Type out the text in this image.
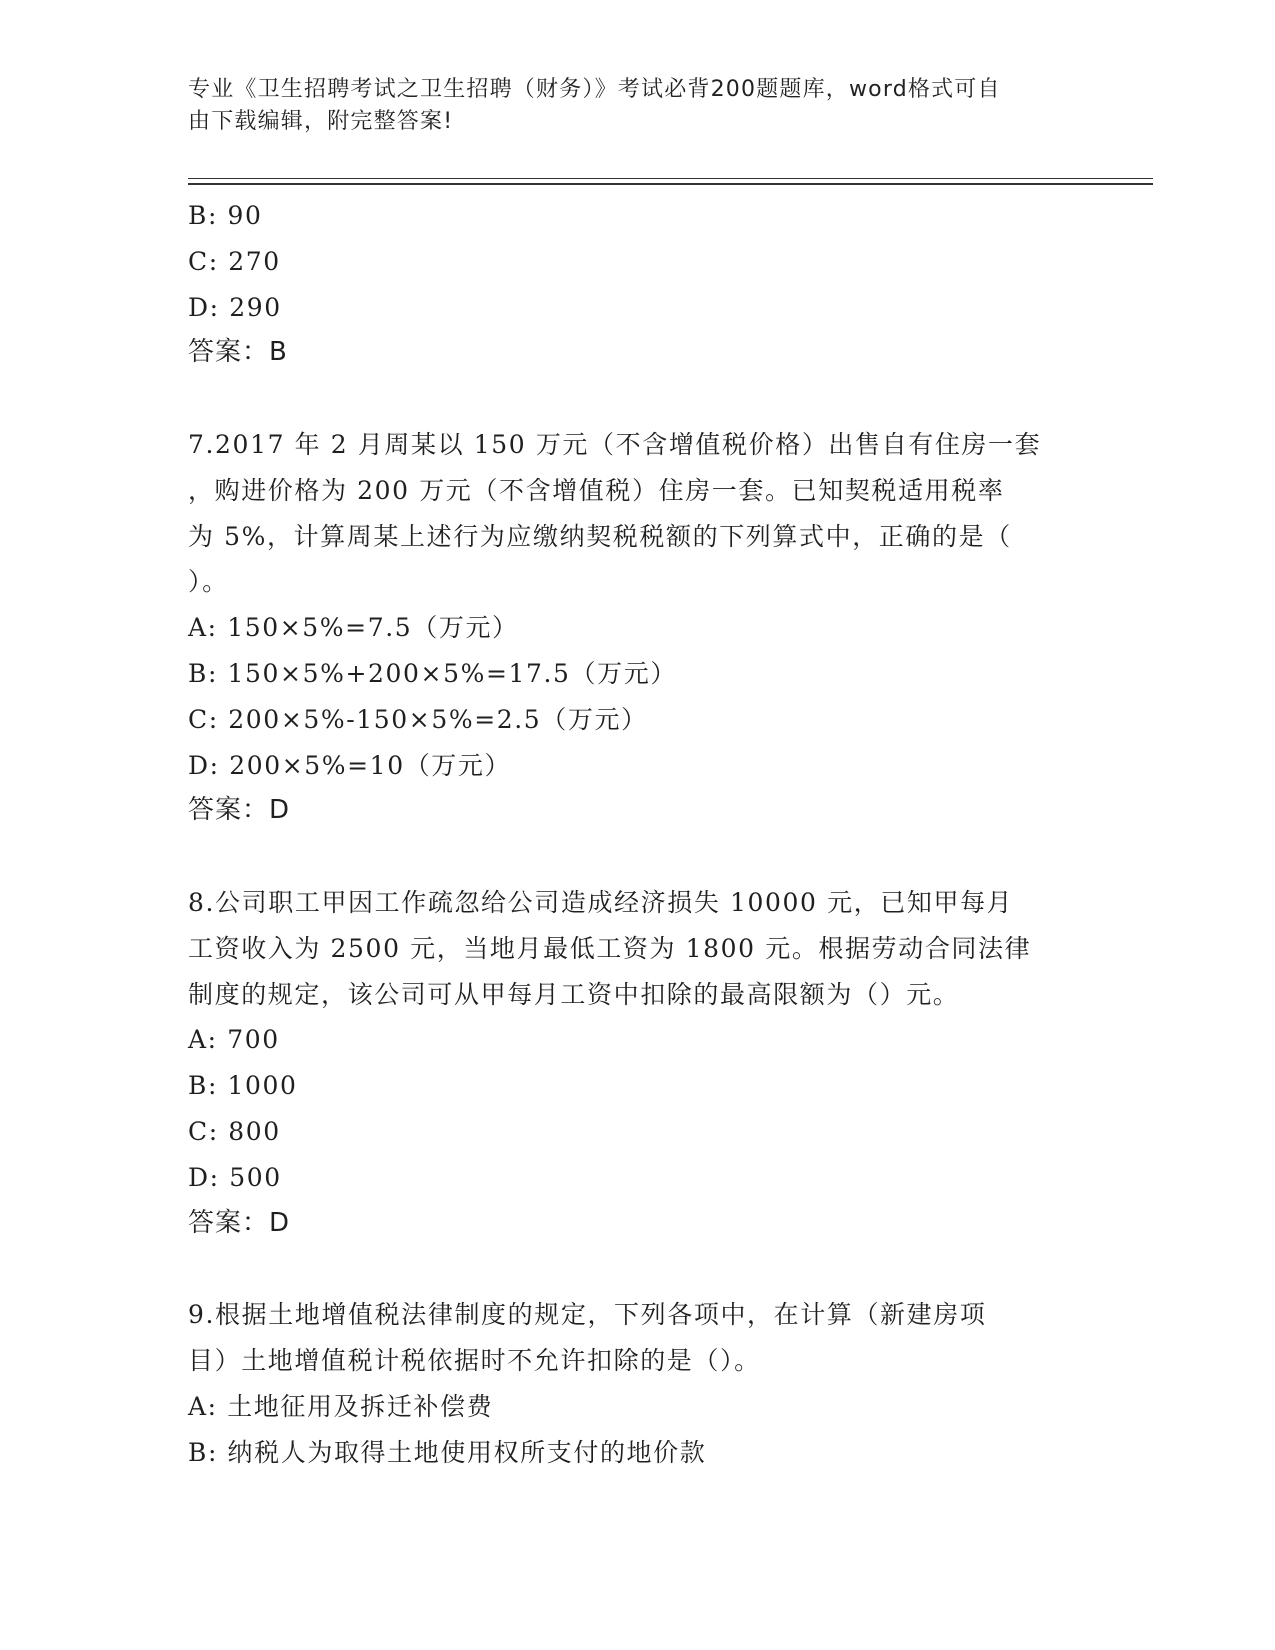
专业《卫生招聘考试之卫生招聘（财务）》考试必背200题题库，word格式可自
由下载编辑，附完整答案!
B: 90
C: 270
D: 290
答案：B
7.2017 年 2 月周某以 150 万元（不含增值税价格）出售自有住房一套
，购进价格为 200 万元（不含增值税）住房一套。已知契税适用税率
为 5%，计算周某上述行为应缴纳契税税额的下列算式中，正确的是（
）。
A: 150×5%=7.5（万元）
B: 150×5%+200×5%=17.5（万元）
C: 200×5%-150×5%=2.5（万元）
D: 200×5%=10（万元）
答案：D
8.公司职工甲因工作疏忽给公司造成经济损失 10000 元，已知甲每月
工资收入为 2500 元，当地月最低工资为 1800 元。根据劳动合同法律
制度的规定，该公司可从甲每月工资中扣除的最高限额为（）元。
A: 700
B: 1000
C: 800
D: 500
答案：D
9.根据土地增值税法律制度的规定，下列各项中，在计算（新建房项
目）土地增值税计税依据时不允许扣除的是（）。
A: 土地征用及拆迁补偿费
B: 纳税人为取得土地使用权所支付的地价款
